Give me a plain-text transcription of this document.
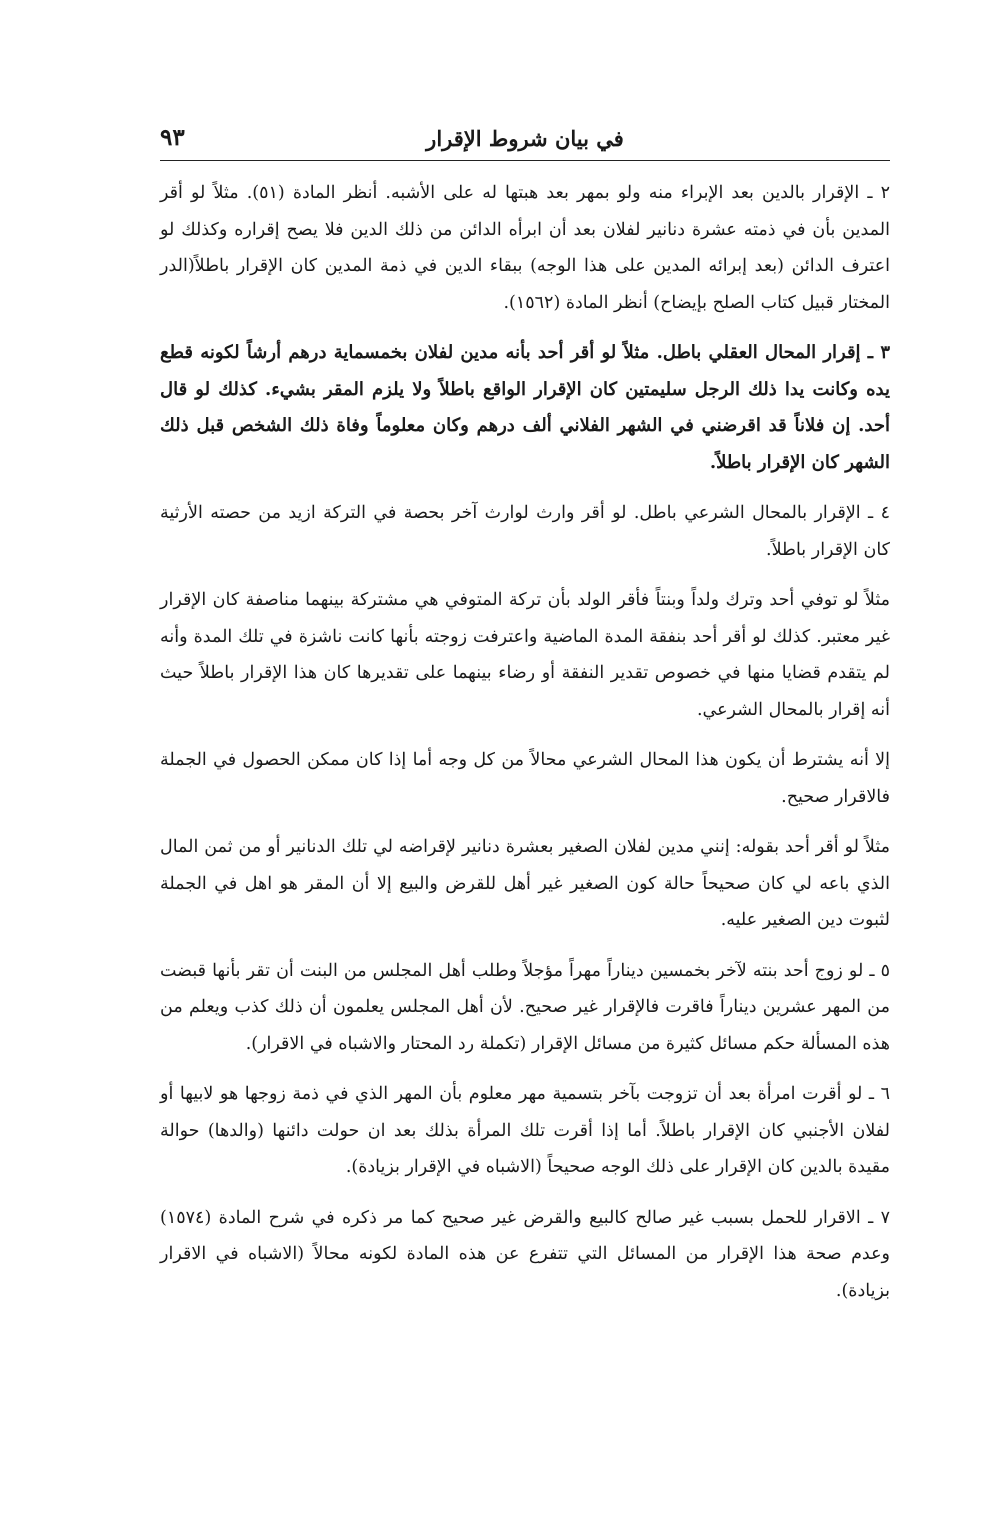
في بيان شروط الإقرار
٩٣

٢ ـ الإقرار بالدين بعد الإبراء منه ولو بمهر بعد هبتها له على الأشبه. أنظر المادة (٥١). مثلاً لو أقر المدين بأن في ذمته عشرة دنانير لفلان بعد أن ابرأه الدائن من ذلك الدين فلا يصح إقراره وكذلك لو اعترف الدائن (بعد إبرائه المدين على هذا الوجه) ببقاء الدين في ذمة المدين كان الإقرار باطلاً(الدر المختار قبيل كتاب الصلح بإيضاح) أنظر المادة (١٥٦٢).

٣ ـ إقرار المحال العقلي باطل. مثلاً لو أقر أحد بأنه مدين لفلان بخمسماية درهم أرشاً لكونه قطع يده وكانت يدا ذلك الرجل سليمتين كان الإقرار الواقع باطلاً ولا يلزم المقر بشيء. كذلك لو قال أحد. إن فلاناً قد اقرضني في الشهر الفلاني ألف درهم وكان معلوماً وفاة ذلك الشخص قبل ذلك الشهر كان الإقرار باطلاً.

٤ ـ الإقرار بالمحال الشرعي باطل. لو أقر وارث لوارث آخر بحصة في التركة ازيد من حصته الأرثية كان الإقرار باطلاً.

مثلاً لو توفي أحد وترك ولداً وبنتاً فأقر الولد بأن تركة المتوفي هي مشتركة بينهما مناصفة كان الإقرار غير معتبر. كذلك لو أقر أحد بنفقة المدة الماضية واعترفت زوجته بأنها كانت ناشزة في تلك المدة وأنه لم يتقدم قضايا منها في خصوص تقدير النفقة أو رضاء بينهما على تقديرها كان هذا الإقرار باطلاً حيث أنه إقرار بالمحال الشرعي.

إلا أنه يشترط أن يكون هذا المحال الشرعي محالاً من كل وجه أما إذا كان ممكن الحصول في الجملة فالاقرار صحيح.

مثلاً لو أقر أحد بقوله: إنني مدين لفلان الصغير بعشرة دنانير لإقراضه لي تلك الدنانير أو من ثمن المال الذي باعه لي كان صحيحاً حالة كون الصغير غير أهل للقرض والبيع إلا أن المقر هو اهل في الجملة لثبوت دين الصغير عليه.

٥ ـ لو زوج أحد بنته لآخر بخمسين ديناراً مهراً مؤجلاً وطلب أهل المجلس من البنت أن تقر بأنها قبضت من المهر عشرين ديناراً فاقرت فالإقرار غير صحيح. لأن أهل المجلس يعلمون أن ذلك كذب ويعلم من هذه المسألة حكم مسائل كثيرة من مسائل الإقرار (تكملة رد المحتار والاشباه في الاقرار).

٦ ـ لو أقرت امرأة بعد أن تزوجت بآخر بتسمية مهر معلوم بأن المهر الذي في ذمة زوجها هو لابيها أو لفلان الأجنبي كان الإقرار باطلاً. أما إذا أقرت تلك المرأة بذلك بعد ان حولت دائنها (والدها) حوالة مقيدة بالدين كان الإقرار على ذلك الوجه صحيحاً (الاشباه في الإقرار بزيادة).

٧ ـ الاقرار للحمل بسبب غير صالح كالبيع والقرض غير صحيح كما مر ذكره في شرح المادة (١٥٧٤) وعدم صحة هذا الإقرار من المسائل التي تتفرع عن هذه المادة لكونه محالاً (الاشباه في الاقرار بزيادة).
